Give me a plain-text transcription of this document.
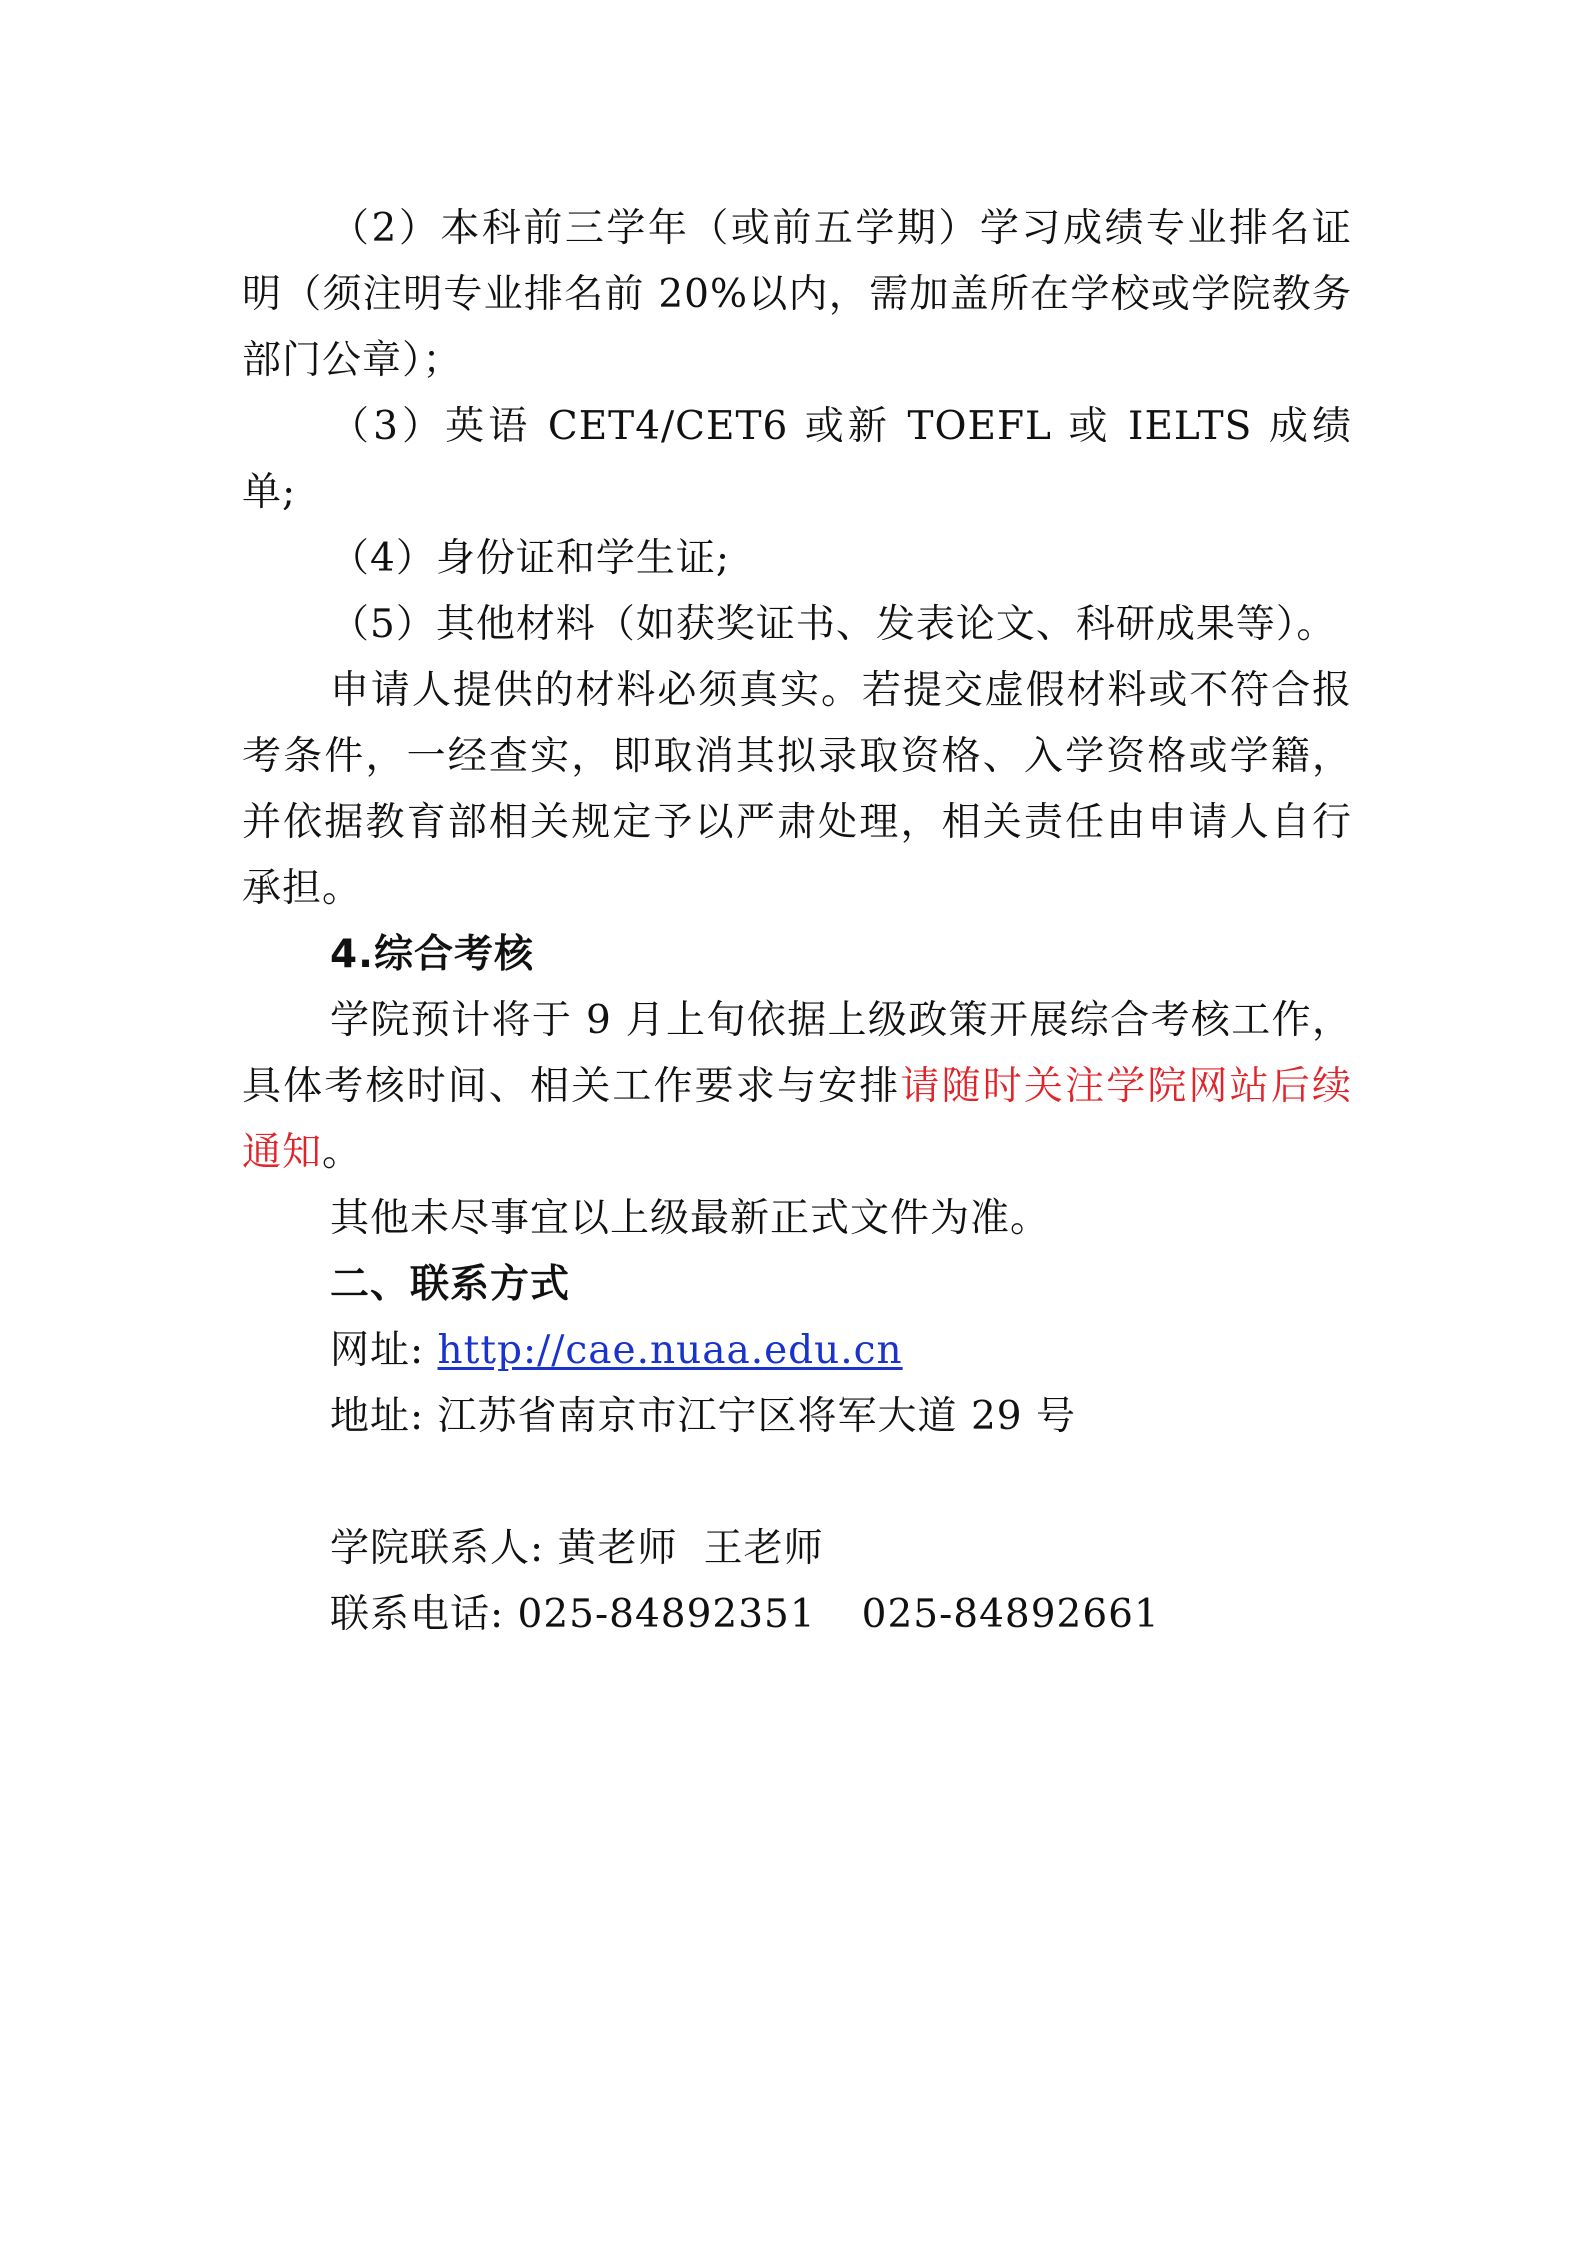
（2）本科前三学年（或前五学期）学习成绩专业排名证明（须注明专业排名前 20%以内，需加盖所在学校或学院教务部门公章）；

（3）英语 CET4/CET6 或新 TOEFL 或 IELTS 成绩单;

（4）身份证和学生证;

（5）其他材料（如获奖证书、发表论文、科研成果等）。

申请人提供的材料必须真实。若提交虚假材料或不符合报考条件，一经查实，即取消其拟录取资格、入学资格或学籍，并依据教育部相关规定予以严肃处理，相关责任由申请人自行承担。

4.综合考核

学院预计将于 9 月上旬依据上级政策开展综合考核工作，具体考核时间、相关工作要求与安排请随时关注学院网站后续通知。

其他未尽事宜以上级最新正式文件为准。

二、联系方式

网址: http://cae.nuaa.edu.cn

地址: 江苏省南京市江宁区将军大道 29 号

学院联系人: 黄老师 王老师

联系电话: 025-84892351 025-84892661
